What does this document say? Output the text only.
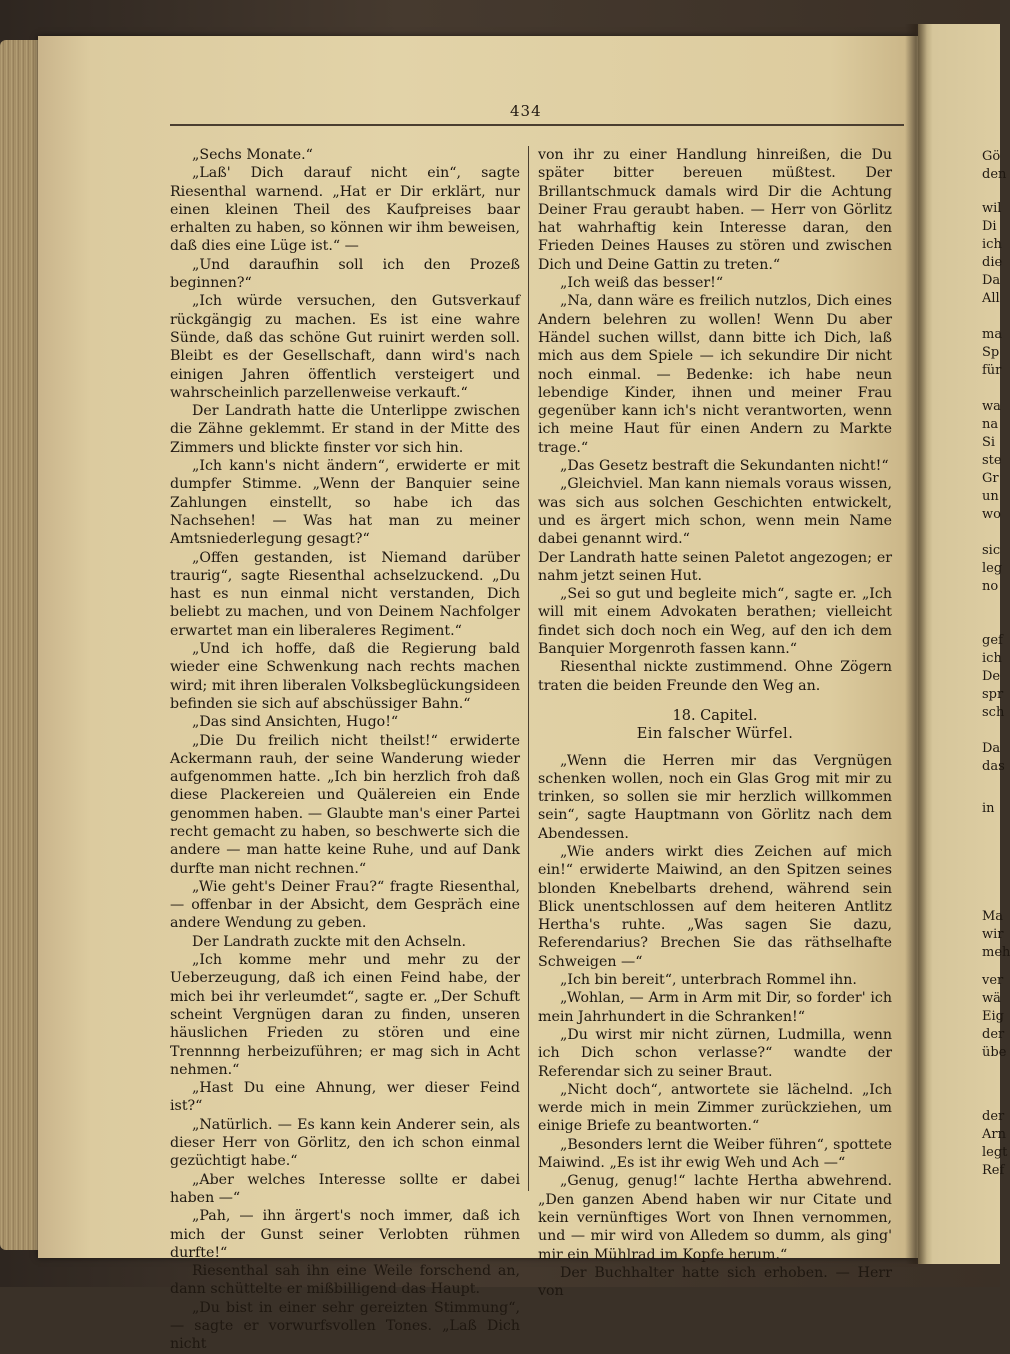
434

„Sechs Monate.“

„Laß' Dich darauf nicht ein“, sagte Riesenthal warnend. „Hat er Dir erklärt, nur einen kleinen Theil des Kaufpreises baar erhalten zu haben, so können wir ihm beweisen, daß dies eine Lüge ist.“ —

„Und daraufhin soll ich den Prozeß beginnen?“

„Ich würde versuchen, den Gutsverkauf rückgängig zu machen. Es ist eine wahre Sünde, daß das schöne Gut ruinirt werden soll. Bleibt es der Gesellschaft, dann wird's nach einigen Jahren öffentlich versteigert und wahrscheinlich parzellenweise verkauft.“

Der Landrath hatte die Unterlippe zwischen die Zähne geklemmt. Er stand in der Mitte des Zimmers und blickte finster vor sich hin.

„Ich kann's nicht ändern“, erwiderte er mit dumpfer Stimme. „Wenn der Banquier seine Zahlungen einstellt, so habe ich das Nachsehen! — Was hat man zu meiner Amtsniederlegung gesagt?“

„Offen gestanden, ist Niemand darüber traurig“, sagte Riesenthal achselzuckend. „Du hast es nun einmal nicht verstanden, Dich beliebt zu machen, und von Deinem Nachfolger erwartet man ein liberaleres Regiment.“

„Und ich hoffe, daß die Regierung bald wieder eine Schwenkung nach rechts machen wird; mit ihren liberalen Volksbeglückungsideen befinden sie sich auf abschüssiger Bahn.“

„Das sind Ansichten, Hugo!“

„Die Du freilich nicht theilst!“ erwiderte Ackermann rauh, der seine Wanderung wieder aufgenommen hatte. „Ich bin herzlich froh daß diese Plackereien und Quälereien ein Ende genommen haben. — Glaubte man's einer Partei recht gemacht zu haben, so beschwerte sich die andere — man hatte keine Ruhe, und auf Dank durfte man nicht rechnen.“

„Wie geht's Deiner Frau?“ fragte Riesenthal, — offenbar in der Absicht, dem Gespräch eine andere Wendung zu geben.

Der Landrath zuckte mit den Achseln.

„Ich komme mehr und mehr zu der Ueberzeugung, daß ich einen Feind habe, der mich bei ihr verleumdet“, sagte er. „Der Schuft scheint Vergnügen daran zu finden, unseren häuslichen Frieden zu stören und eine Trennnng herbeizuführen; er mag sich in Acht nehmen.“

„Hast Du eine Ahnung, wer dieser Feind ist?“

„Natürlich. — Es kann kein Anderer sein, als dieser Herr von Görlitz, den ich schon einmal gezüchtigt habe.“

„Aber welches Interesse sollte er dabei haben —“

„Pah, — ihn ärgert's noch immer, daß ich mich der Gunst seiner Verlobten rühmen durfte!“

Riesenthal sah ihn eine Weile forschend an, dann schüttelte er mißbilligend das Haupt.

„Du bist in einer sehr gereizten Stimmung“, — sagte er vorwurfsvollen Tones. „Laß Dich nicht

von ihr zu einer Handlung hinreißen, die Du später bitter bereuen müßtest. Der Brillantschmuck damals wird Dir die Achtung Deiner Frau geraubt haben. — Herr von Görlitz hat wahrhaftig kein Interesse daran, den Frieden Deines Hauses zu stören und zwischen Dich und Deine Gattin zu treten.“

„Ich weiß das besser!“

„Na, dann wäre es freilich nutzlos, Dich eines Andern belehren zu wollen! Wenn Du aber Händel suchen willst, dann bitte ich Dich, laß mich aus dem Spiele — ich sekundire Dir nicht noch einmal. — Bedenke: ich habe neun lebendige Kinder, ihnen und meiner Frau gegenüber kann ich's nicht verantworten, wenn ich meine Haut für einen Andern zu Markte trage.“

„Das Gesetz bestraft die Sekundanten nicht!“

„Gleichviel. Man kann niemals voraus wissen, was sich aus solchen Geschichten entwickelt, und es ärgert mich schon, wenn mein Name dabei genannt wird.“

Der Landrath hatte seinen Paletot angezogen; er nahm jetzt seinen Hut.

„Sei so gut und begleite mich“, sagte er. „Ich will mit einem Advokaten berathen; vielleicht findet sich doch noch ein Weg, auf den ich dem Banquier Morgenroth fassen kann.“

Riesenthal nickte zustimmend. Ohne Zögern traten die beiden Freunde den Weg an.

18. Capitel.

Ein falscher Würfel.

„Wenn die Herren mir das Vergnügen schenken wollen, noch ein Glas Grog mit mir zu trinken, so sollen sie mir herzlich willkommen sein“, sagte Hauptmann von Görlitz nach dem Abendessen.

„Wie anders wirkt dies Zeichen auf mich ein!“ erwiderte Maiwind, an den Spitzen seines blonden Knebelbarts drehend, während sein Blick unentschlossen auf dem heiteren Antlitz Hertha's ruhte. „Was sagen Sie dazu, Referendarius? Brechen Sie das räthselhafte Schweigen —“

„Ich bin bereit“, unterbrach Rommel ihn.

„Wohlan, — Arm in Arm mit Dir, so forder' ich mein Jahrhundert in die Schranken!“

„Du wirst mir nicht zürnen, Ludmilla, wenn ich Dich schon verlasse?“ wandte der Referendar sich zu seiner Braut.

„Nicht doch“, antwortete sie lächelnd. „Ich werde mich in mein Zimmer zurückziehen, um einige Briefe zu beantworten.“

„Besonders lernt die Weiber führen“, spottete Maiwind. „Es ist ihr ewig Weh und Ach —“

„Genug, genug!“ lachte Hertha abwehrend. „Den ganzen Abend haben wir nur Citate und kein vernünftiges Wort von Ihnen vernommen, und — mir wird von Alledem so dumm, als ging' mir ein Mühlrad im Kopfe herum.“

Der Buchhalter hatte sich erhoben. — Herr von

Gö
den
wil
Di
ich
die
Da
All
ma
Sp
für
wa
na
Si
ste
Gr
un
wo
sic
leg
no
gef
ich
De
spr
sch
Da
das
in
Ma
wir
meh
ver
wä
Eig
der
übe
der
Arn
legt
Ref
